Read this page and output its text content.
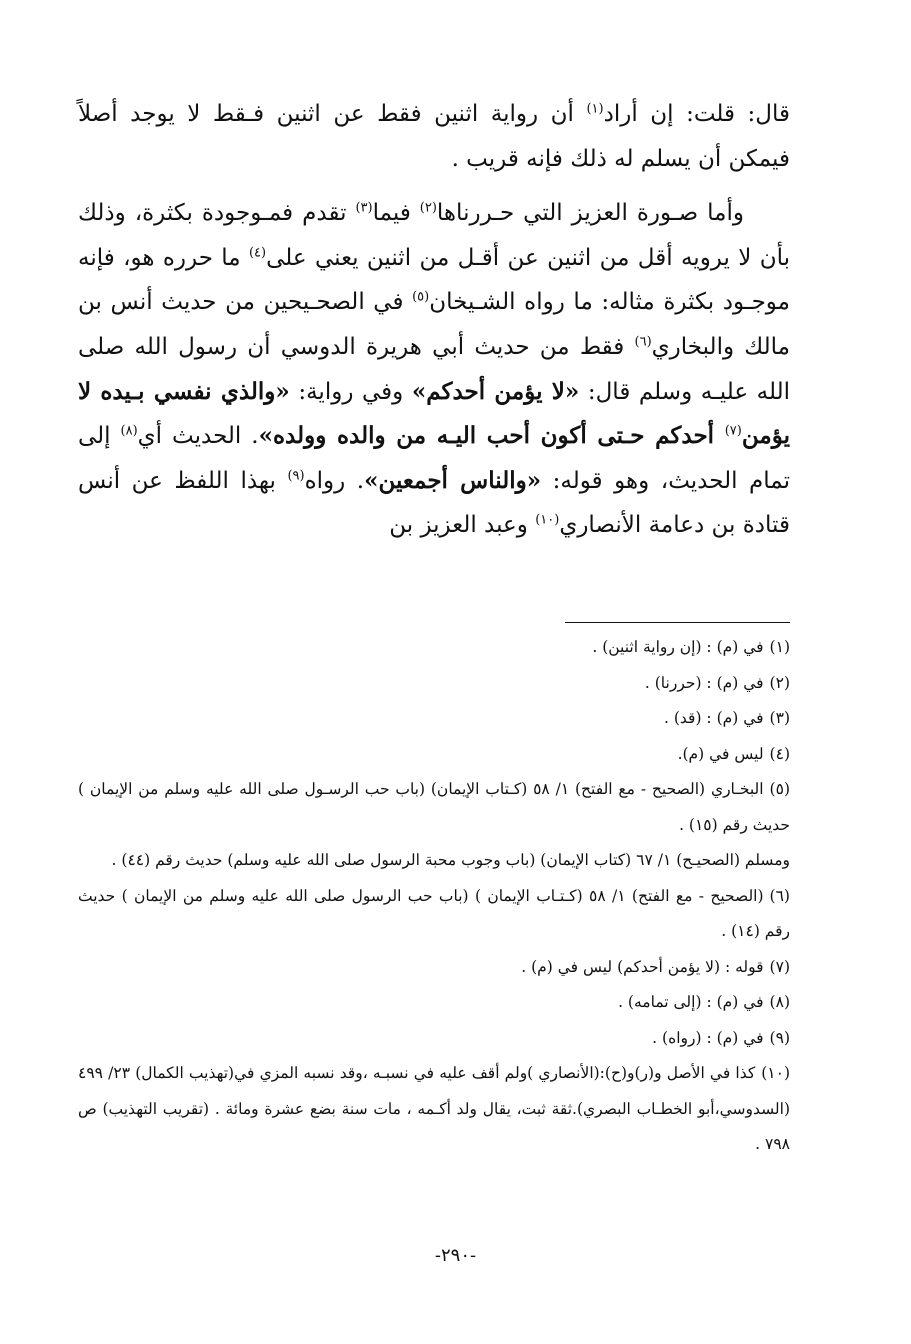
قال: قلت: إن أراد$^{(١)}$ أن رواية اثنين فقط عن اثنين فـقط لا يوجد أصلاً فيمكن أن يسلم له ذلك فإنه قريب .

وأما صـورة العزيز التي حـررناها$^{(٢)}$ فيما$^{(٣)}$ تقدم فمـوجودة بكثرة، وذلك بأن لا يرويه أقل من اثنين عن أقـل من اثنين يعني على$^{(٤)}$ ما حرره هو، فإنه موجـود بكثرة مثاله: ما رواه الشـيخان$^{(٥)}$ في الصحـيحين من حديث أنس بن مالك والبخاري$^{(٦)}$ فقط من حديث أبي هريرة الدوسي أن رسول الله صلى الله عليـه وسلم قال: «لا يؤمن أحدكم» وفي رواية: «والذي نفسي بـيده لا يؤمن$^{(٧)}$ أحدكم حـتى أكون أحب اليـه من والده وولده». الحديث أي$^{(٨)}$ إلى تمام الحديث، وهو قوله: «والناس أجمعين». رواه$^{(٩)}$ بهذا اللفظ عن أنس قتادة بن دعامة الأنصاري$^{(١٠)}$ وعبد العزيز بن

(١)في (م) : (إن رواية اثنين) .

(٢)في (م) : (حررنا) .

(٣)في (م) : (قد) .

(٤)ليس في (م).

(٥)البخـاري (الصحيح - مع الفتح) ١/ ٥٨ (كـتاب الإيمان) (باب حب الرسـول صلى الله عليه وسلم من الإيمان ) حديث رقم (١٥) .

ومسلم (الصحيـح) ١/ ٦٧ (كتاب الإيمان) (باب وجوب محبة الرسول صلى الله عليه وسلم) حديث رقم (٤٤) .

(٦)(الصحيح - مع الفتح) ١/ ٥٨ (كـتـاب الإيمان ) (باب حب الرسول صلى الله عليه وسلم من الإيمان ) حديث رقم (١٤) .

(٧)قوله : (لا يؤمن أحدكم) ليس في (م) .

(٨)في (م) : (إلى تمامه) .

(٩)في (م) : (رواه) .

(١٠)كذا في الأصل و(ر)و(ح):(الأنصاري )ولم أقف عليه في نسبـه ،وقد نسبه المزي في(تهذيب الكمال) ٢٣/ ٤٩٩ (السدوسي،أبو الخطـاب البصري).ثقة ثبت، يقال ولد أكـمه ، مات سنة بضع عشرة ومائة . (تقريب التهذيب) ص ٧٩٨ .

-٢٩٠-
